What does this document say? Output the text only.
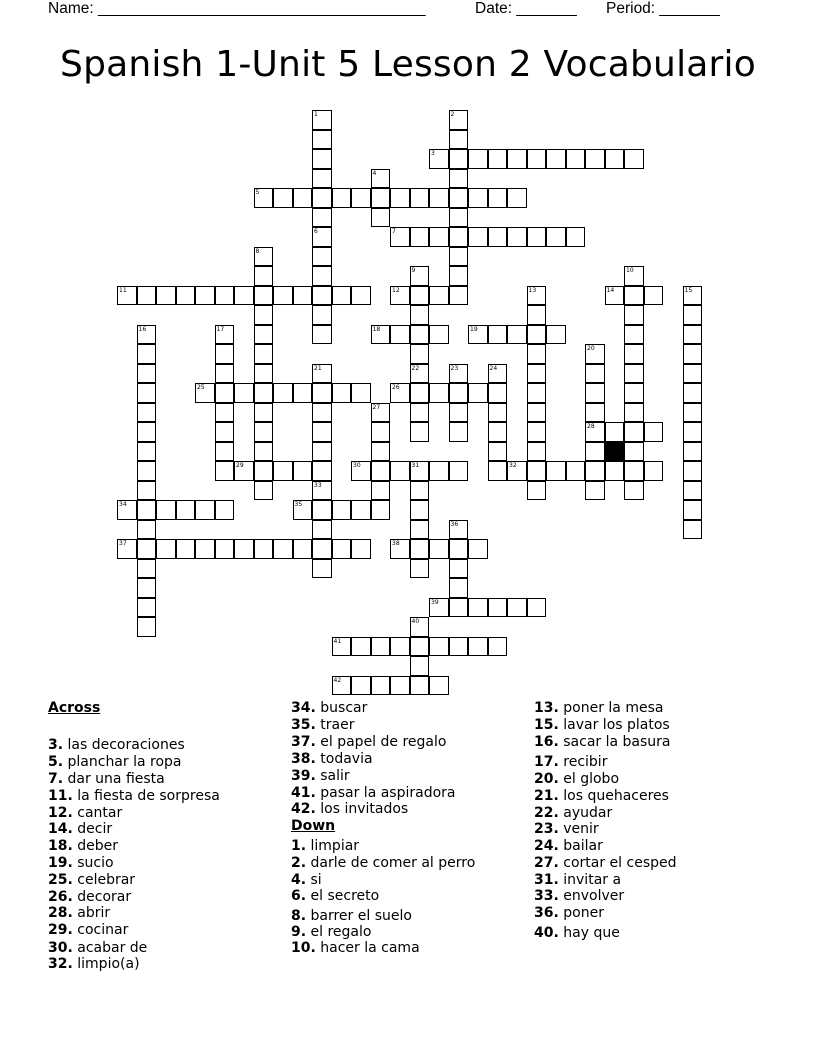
Name: ______________________________________	Date: _______ Period: _______
Spanish 1-Unit 5 Lesson 2 Vocabulario
1
6
2
3
4
5
7
8
9
22
10
11	12	13	14	15
16	17	18	19
20
28
21	23	24
25	26
27
29	30	31	32
33
34	35
36
37	38
39
40
41
42
Across
3. las decoraciones
5. planchar la ropa
7. dar una fiesta
11. la fiesta de sorpresa
12. cantar
14. decir
18. deber
19. sucio
25. celebrar
26. decorar
28. abrir
29. cocinar
30. acabar de
32. limpio(a)
34. buscar
35. traer
37. el papel de regalo
38. todavia
39. salir
41. pasar la aspiradora
42. los invitados
Down
1. limpiar
2. darle de comer al perro
4. si
6. el secreto
8. barrer el suelo
9. el regalo
10. hacer la cama
13. poner la mesa
15. lavar los platos
16. sacar la basura
17. recibir
20. el globo
21. los quehaceres
22. ayudar
23. venir
24. bailar
27. cortar el cesped
31. invitar a
33. envolver
36. poner
40. hay que
